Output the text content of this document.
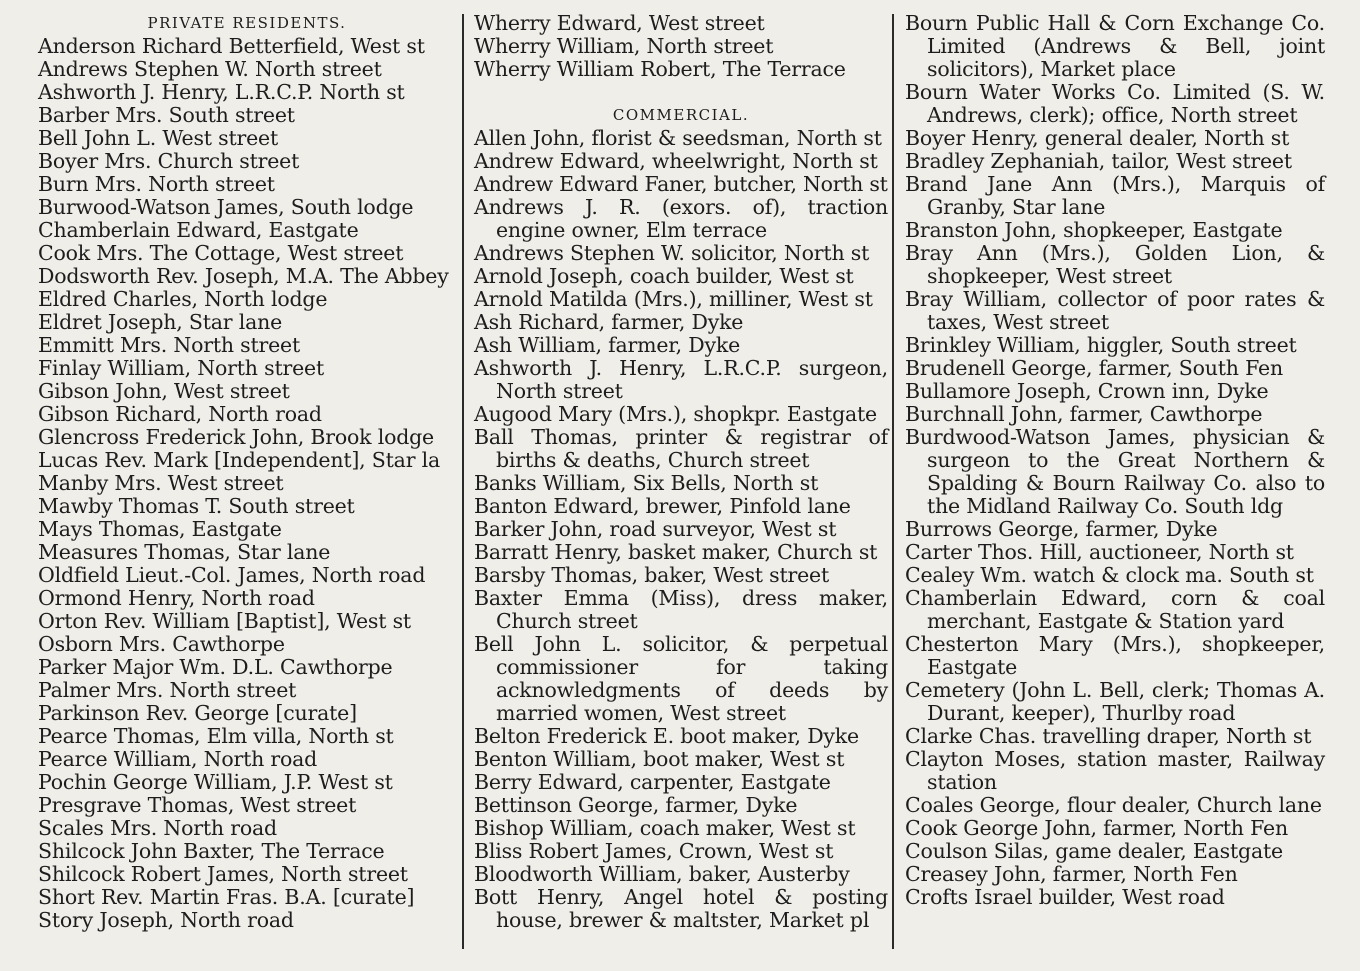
PRIVATE RESIDENTS.
Anderson Richard Betterfield, West st
Andrews Stephen W. North street
Ashworth J. Henry, L.R.C.P. North st
Barber Mrs. South street
Bell John L. West street
Boyer Mrs. Church street
Burn Mrs. North street
Burwood-Watson James, South lodge
Chamberlain Edward, Eastgate
Cook Mrs. The Cottage, West street
Dodsworth Rev. Joseph, M.A. The Abbey
Eldred Charles, North lodge
Eldret Joseph, Star lane
Emmitt Mrs. North street
Finlay William, North street
Gibson John, West street
Gibson Richard, North road
Glencross Frederick John, Brook lodge
Lucas Rev. Mark [Independent], Star la
Manby Mrs. West street
Mawby Thomas T. South street
Mays Thomas, Eastgate
Measures Thomas, Star lane
Oldfield Lieut.-Col. James, North road
Ormond Henry, North road
Orton Rev. William [Baptist], West st
Osborn Mrs. Cawthorpe
Parker Major Wm. D.L. Cawthorpe
Palmer Mrs. North street
Parkinson Rev. George [curate]
Pearce Thomas, Elm villa, North st
Pearce William, North road
Pochin George William, J.P. West st
Presgrave Thomas, West street
Scales Mrs. North road
Shilcock John Baxter, The Terrace
Shilcock Robert James, North street
Short Rev. Martin Fras. B.A. [curate]
Story Joseph, North road
Wherry Edward, West street
Wherry William, North street
Wherry William Robert, The Terrace
COMMERCIAL.
Allen John, florist & seedsman, North st
Andrew Edward, wheelwright, North st
Andrew Edward Faner, butcher, North st
Andrews J. R. (exors. of), traction engine owner, Elm terrace
Andrews Stephen W. solicitor, North st
Arnold Joseph, coach builder, West st
Arnold Matilda (Mrs.), milliner, West st
Ash Richard, farmer, Dyke
Ash William, farmer, Dyke
Ashworth J. Henry, L.R.C.P. surgeon, North street
Augood Mary (Mrs.), shopkpr. Eastgate
Ball Thomas, printer & registrar of births & deaths, Church street
Banks William, Six Bells, North st
Banton Edward, brewer, Pinfold lane
Barker John, road surveyor, West st
Barratt Henry, basket maker, Church st
Barsby Thomas, baker, West street
Baxter Emma (Miss), dress maker, Church street
Bell John L. solicitor, & perpetual commissioner for taking acknowledgments of deeds by married women, West street
Belton Frederick E. boot maker, Dyke
Benton William, boot maker, West st
Berry Edward, carpenter, Eastgate
Bettinson George, farmer, Dyke
Bishop William, coach maker, West st
Bliss Robert James, Crown, West st
Bloodworth William, baker, Austerby
Bott Henry, Angel hotel & posting house, brewer & maltster, Market pl
Bourn Public Hall & Corn Exchange Co. Limited (Andrews & Bell, joint solicitors), Market place
Bourn Water Works Co. Limited (S. W. Andrews, clerk); office, North street
Boyer Henry, general dealer, North st
Bradley Zephaniah, tailor, West street
Brand Jane Ann (Mrs.), Marquis of Granby, Star lane
Branston John, shopkeeper, Eastgate
Bray Ann (Mrs.), Golden Lion, & shopkeeper, West street
Bray William, collector of poor rates & taxes, West street
Brinkley William, higgler, South street
Brudenell George, farmer, South Fen
Bullamore Joseph, Crown inn, Dyke
Burchnall John, farmer, Cawthorpe
Burdwood-Watson James, physician & surgeon to the Great Northern & Spalding & Bourn Railway Co. also to the Midland Railway Co. South ldg
Burrows George, farmer, Dyke
Carter Thos. Hill, auctioneer, North st
Cealey Wm. watch & clock ma. South st
Chamberlain Edward, corn & coal merchant, Eastgate & Station yard
Chesterton Mary (Mrs.), shopkeeper, Eastgate
Cemetery (John L. Bell, clerk; Thomas A. Durant, keeper), Thurlby road
Clarke Chas. travelling draper, North st
Clayton Moses, station master, Railway station
Coales George, flour dealer, Church lane
Cook George John, farmer, North Fen
Coulson Silas, game dealer, Eastgate
Creasey John, farmer, North Fen
Crofts Israel builder, West road
